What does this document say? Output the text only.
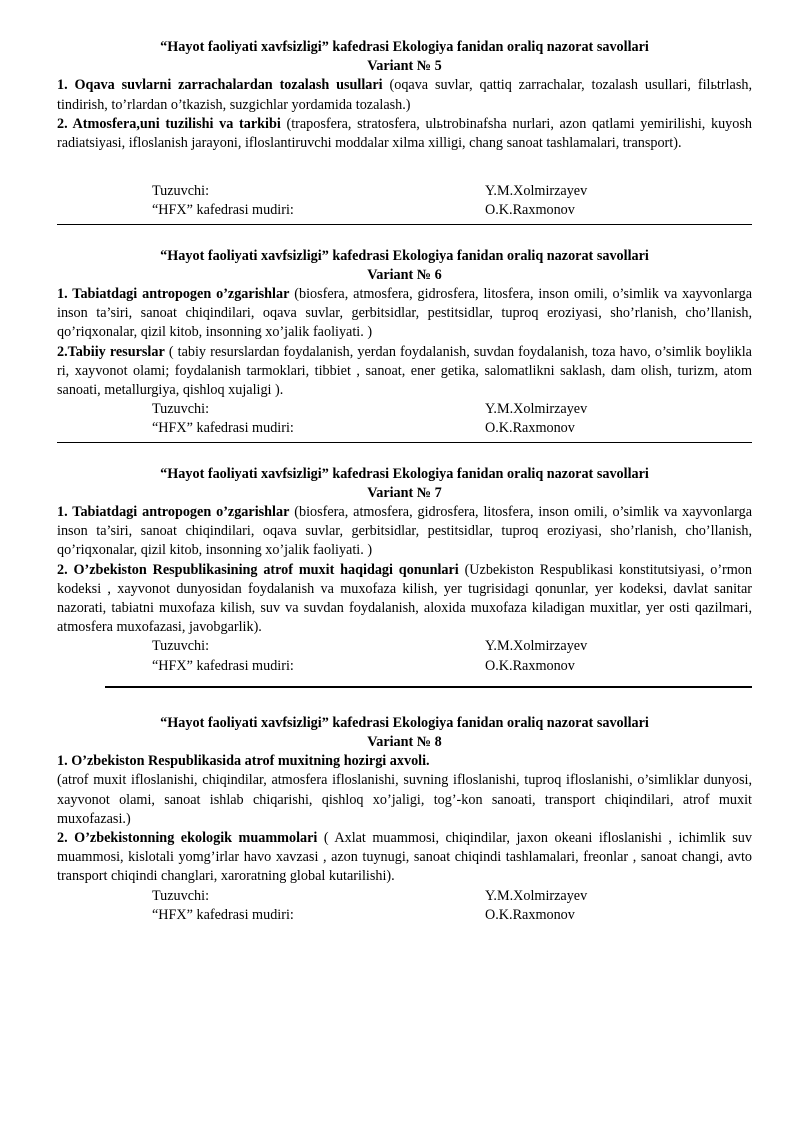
“Hayot faoliyati xavfsizligi” kafedrasi Ekologiya fanidan oraliq nazorat savollari
Variant № 5
1. Oqava suvlarni zarrachalardan tozalash usullari (oqava suvlar, qattiq zarrachalar, tozalash usullari, filьtrlash, tindirish, to’rlardan o’tkazish, suzgichlar yordamida tozalash.)
2. Atmosfera,uni tuzilishi va tarkibi (traposfera, stratosfera, ulьtrobinafsha nurlari, azon qatlami yemirilishi, kuyosh radiatsiyasi, ifloslanish jarayoni, ifloslantiruvchi moddalar xilma xilligi, chang sanoat tashlamalari, transport).
Tuzuvchi:	Y.M.Xolmirzayev
“HFX” kafedrasi mudiri:	O.K.Raxmonov
“Hayot faoliyati xavfsizligi” kafedrasi Ekologiya fanidan oraliq nazorat savollari
Variant № 6
1. Tabiatdagi antropogen o’zgarishlar (biosfera, atmosfera, gidrosfera, litosfera, inson omili, o’simlik va xayvonlarga inson ta’siri, sanoat chiqindilari, oqava suvlar, gerbitsidlar, pestitsidlar, tuproq eroziyasi, sho’rlanish, cho’llanish, qo’riqxonalar, qizil kitob, insonning xo’jalik faoliyati. )
2.Tabiiy resurslar ( tabiy resurslardan foydalanish, yerdan foydalanish, suvdan foydalanish, toza havo, o’simlik boylikla ri, xayvonot olami; foydalanish tarmoklari, tibbiet , sanoat, ener getika, salomatlikni saklash, dam olish, turizm, atom sanoati, metallurgiya, qishloq xujaligi ).
Tuzuvchi:	Y.M.Xolmirzayev
“HFX” kafedrasi mudiri:	O.K.Raxmonov
“Hayot faoliyati xavfsizligi” kafedrasi Ekologiya fanidan oraliq nazorat savollari
Variant № 7
1. Tabiatdagi antropogen o’zgarishlar (biosfera, atmosfera, gidrosfera, litosfera, inson omili, o’simlik va xayvonlarga inson ta’siri, sanoat chiqindilari, oqava suvlar, gerbitsidlar, pestitsidlar, tuproq eroziyasi, sho’rlanish, cho’llanish, qo’riqxonalar, qizil kitob, insonning xo’jalik faoliyati. )
2. O’zbekiston Respublikasining atrof muxit haqidagi qonunlari (Uzbekiston Respublikasi konstitutsiyasi, o’rmon kodeksi , xayvonot dunyosidan foydalanish va muxofaza kilish, yer tugrisidagi qonunlar, yer kodeksi, davlat sanitar nazorati, tabiatni muxofaza kilish, suv va suvdan foydalanish, aloxida muxofaza kiladigan muxitlar, yer osti qazilmari, atmosfera muxofazasi, javobgarlik).
Tuzuvchi:	Y.M.Xolmirzayev
“HFX” kafedrasi mudiri:	O.K.Raxmonov
“Hayot faoliyati xavfsizligi” kafedrasi Ekologiya fanidan oraliq nazorat savollari
Variant № 8
1. O’zbekiston Respublikasida atrof muxitning hozirgi axvoli.
(atrof muxit ifloslanishi, chiqindilar, atmosfera ifloslanishi, suvning ifloslanishi, tuproq ifloslanishi, o’simliklar dunyosi, xayvonot olami, sanoat ishlab chiqarishi, qishloq xo’jaligi, tog’-kon sanoati, transport chiqindilari, atrof muxit muxofazasi.)
2. O’zbekistonning ekologik muammolari ( Axlat muammosi, chiqindilar, jaxon okeani ifloslanishi , ichimlik suv muammosi, kislotali yomg’irlar havo xavzasi , azon tuynugi, sanoat chiqindi tashlamalari, freonlar , sanoat changi, avto transport chiqindi changlari, xaroratning global kutarilishi).
Tuzuvchi:	Y.M.Xolmirzayev
“HFX” kafedrasi mudiri:	O.K.Raxmonov
